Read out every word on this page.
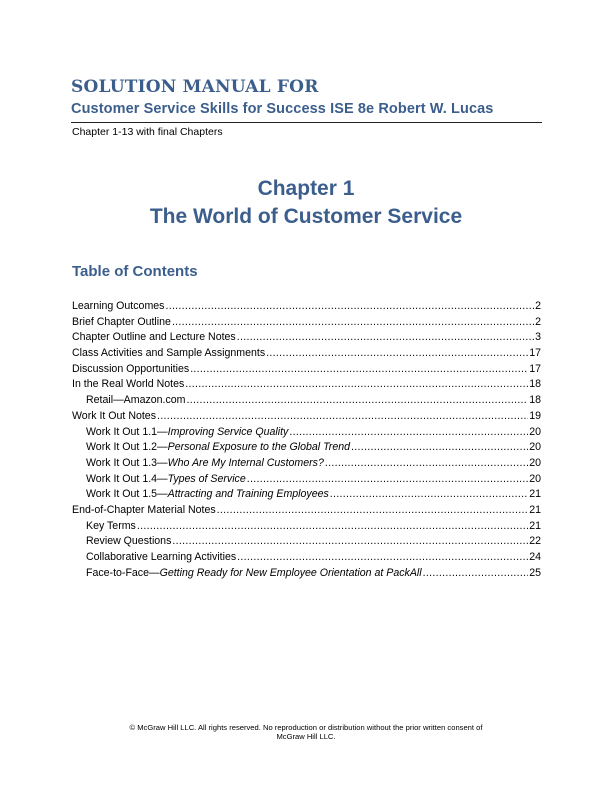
SOLUTION MANUAL FOR
Customer Service Skills for Success ISE 8e Robert W. Lucas
Chapter 1-13 with final Chapters
Chapter 1
The World of Customer Service
Table of Contents
Learning Outcomes .....	2
Brief Chapter Outline .....	2
Chapter Outline and Lecture Notes .....	3
Class Activities and Sample Assignments .....	17
Discussion Opportunities .....	17
In the Real World Notes .....	18
Retail—Amazon.com .....	18
Work It Out Notes .....	19
Work It Out 1.1—Improving Service Quality .....	20
Work It Out 1.2—Personal Exposure to the Global Trend .....	20
Work It Out 1.3—Who Are My Internal Customers? .....	20
Work It Out 1.4—Types of Service .....	20
Work It Out 1.5—Attracting and Training Employees .....	21
End-of-Chapter Material Notes .....	21
Key Terms .....	21
Review Questions .....	22
Collaborative Learning Activities .....	24
Face-to-Face—Getting Ready for New Employee Orientation at PackAll .....	25
© McGraw Hill LLC. All rights reserved. No reproduction or distribution without the prior written consent of
McGraw Hill LLC.
